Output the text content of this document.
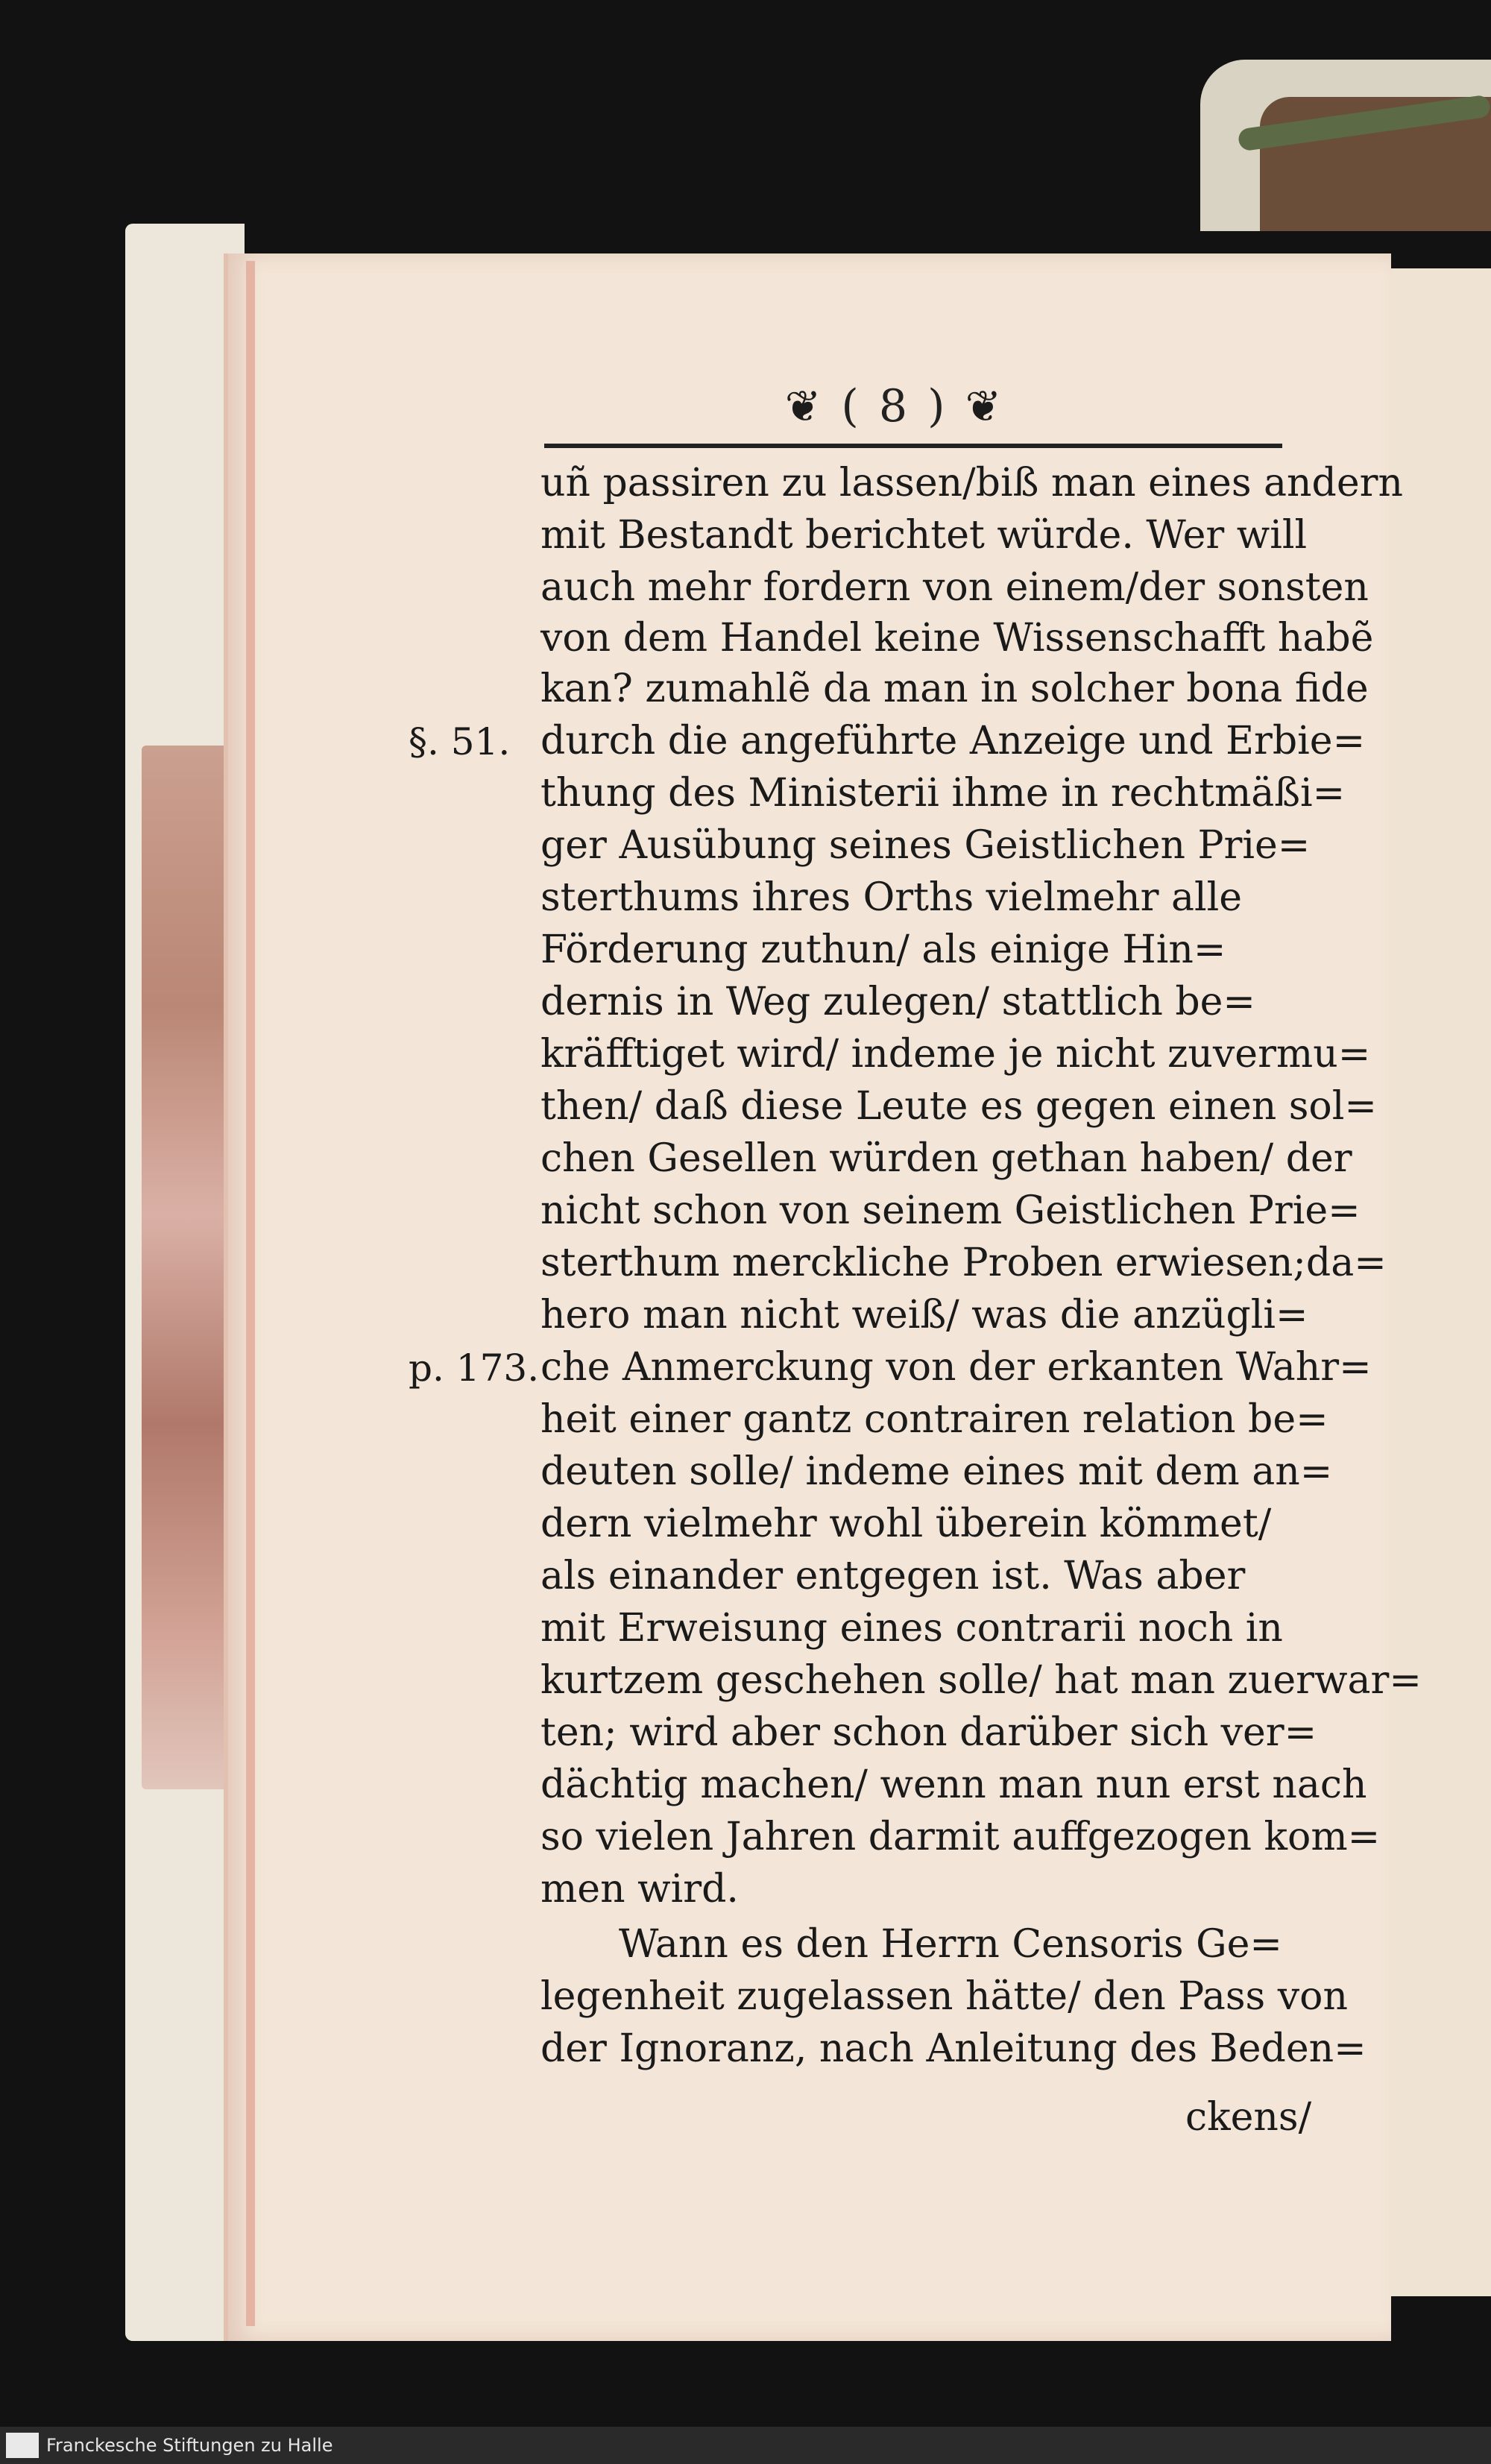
❦ ( 8 ) ❦
uñ passiren zu lassen/biß man eines andern
mit Bestandt berichtet würde. Wer will
auch mehr fordern von einem/der sonsten
von dem Handel keine Wissenschafft habẽ
kan? zumahlẽ da man in solcher bona fide
durch die angeführte Anzeige und Erbie=
thung des Ministerii ihme in rechtmäßi=
ger Ausübung seines Geistlichen Prie=
sterthums ihres Orths vielmehr alle
Förderung zuthun/ als einige Hin=
dernis in Weg zulegen/ stattlich be=
kräfftiget wird/ indeme je nicht zuvermu=
then/ daß diese Leute es gegen einen sol=
chen Gesellen würden gethan haben/ der
nicht schon von seinem Geistlichen Prie=
sterthum merckliche Proben erwiesen;da=
hero man nicht weiß/ was die anzügli=
che Anmerckung von der erkanten Wahr=
heit einer gantz contrairen relation be=
deuten solle/ indeme eines mit dem an=
dern vielmehr wohl überein kömmet/
als einander entgegen ist. Was aber
mit Erweisung eines contrarii noch in
kurtzem geschehen solle/ hat man zuerwar=
ten; wird aber schon darüber sich ver=
dächtig machen/ wenn man nun erst nach
so vielen Jahren darmit auffgezogen kom=
men wird.
Wann es den Herrn Censoris Ge=
legenheit zugelassen hätte/ den Pass von
der Ignoranz, nach Anleitung des Beden=
§. 51.
p. 173.
ckens/
Franckesche Stiftungen zu Halle
